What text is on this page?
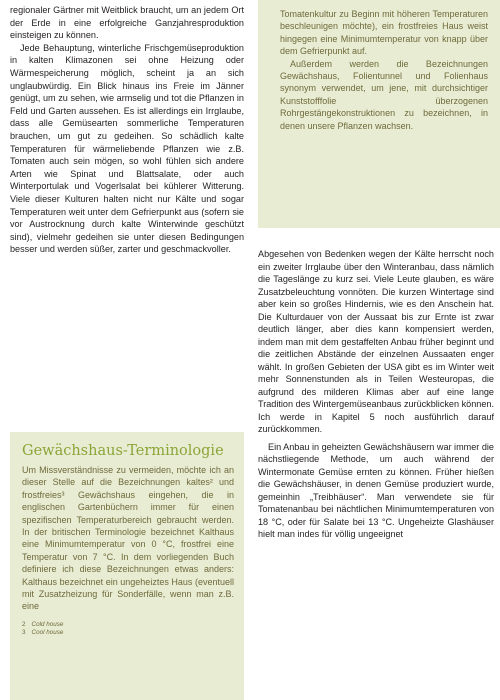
regionaler Gärtner mit Weitblick braucht, um an jedem Ort der Erde in eine erfolgreiche Ganzjahresproduktion einsteigen zu können.

Jede Behauptung, winterliche Frischgemüseproduktion in kalten Klimazonen sei ohne Heizung oder Wärmespeicherung möglich, scheint ja an sich unglaubwürdig. Ein Blick hinaus ins Freie im Jänner genügt, um zu sehen, wie armselig und tot die Pflanzen in Feld und Garten aussehen. Es ist allerdings ein Irrglaube, dass alle Gemüsearten sommerliche Temperaturen brauchen, um gut zu gedeihen. So schädlich kalte Temperaturen für wärmeliebende Pflanzen wie z.B. Tomaten auch sein mögen, so wohl fühlen sich andere Arten wie Spinat und Blattsalate, oder auch Winterportulak und Vogerlsalat bei kühlerer Witterung. Viele dieser Kulturen halten nicht nur Kälte und sogar Temperaturen weit unter dem Gefrierpunkt aus (sofern sie vor Austrocknung durch kalte Winterwinde geschützt sind), vielmehr gedeihen sie unter diesen Bedingungen besser und werden süßer, zarter und geschmackvoller.

Gewächshaus-Terminologie

Um Missverständnisse zu vermeiden, möchte ich an dieser Stelle auf die Bezeichnungen kaltes² und frostfreies³ Gewächshaus eingehen, die in englischen Gartenbüchern immer für einen spezifischen Temperaturbereich gebraucht werden. In der britischen Terminologie bezeichnet Kalthaus eine Minimumtemperatur von 0 °C, frostfrei eine Temperatur von 7 °C. In dem vorliegenden Buch definiere ich diese Bezeichnungen etwas anders: Kalthaus bezeichnet ein ungeheiztes Haus (eventuell mit Zusatzheizung für Sonderfälle, wenn man z.B. eine

2 Cold house
3 Cool house

Tomatenkultur zu Beginn mit höheren Temperaturen beschleunigen möchte), ein frostfreies Haus weist hingegen eine Minimumtemperatur von knapp über dem Gefrierpunkt auf.

Außerdem werden die Bezeichnungen Gewächshaus, Folientunnel und Folienhaus synonym verwendet, um jene, mit durchsichtiger Kunststofffolie überzogenen Rohrgestängekonstruktionen zu bezeichnen, in denen unsere Pflanzen wachsen.

Abgesehen von Bedenken wegen der Kälte herrscht noch ein zweiter Irrglaube über den Winteranbau, dass nämlich die Tageslänge zu kurz sei. Viele Leute glauben, es wäre Zusatzbeleuchtung vonnöten. Die kurzen Wintertage sind aber kein so großes Hindernis, wie es den Anschein hat. Die Kulturdauer von der Aussaat bis zur Ernte ist zwar deutlich länger, aber dies kann kompensiert werden, indem man mit dem gestaffelten Anbau früher beginnt und die zeitlichen Abstände der einzelnen Aussaaten enger wählt. In großen Gebieten der USA gibt es im Winter weit mehr Sonnenstunden als in Teilen Westeuropas, die aufgrund des milderen Klimas aber auf eine lange Tradition des Wintergemüseanbaus zurückblicken können. Ich werde in Kapitel 5 noch ausführlich darauf zurückkommen.

Ein Anbau in geheizten Gewächshäusern war immer die nächstliegende Methode, um auch während der Wintermonate Gemüse ernten zu können. Früher hießen die Gewächshäuser, in denen Gemüse produziert wurde, gemeinhin „Treibhäuser“. Man verwendete sie für Tomatenanbau bei nächtlichen Minimumtemperaturen von 18 °C, oder für Salate bei 13 °C. Ungeheizte Glashäuser hielt man indes für völlig ungeeignet
